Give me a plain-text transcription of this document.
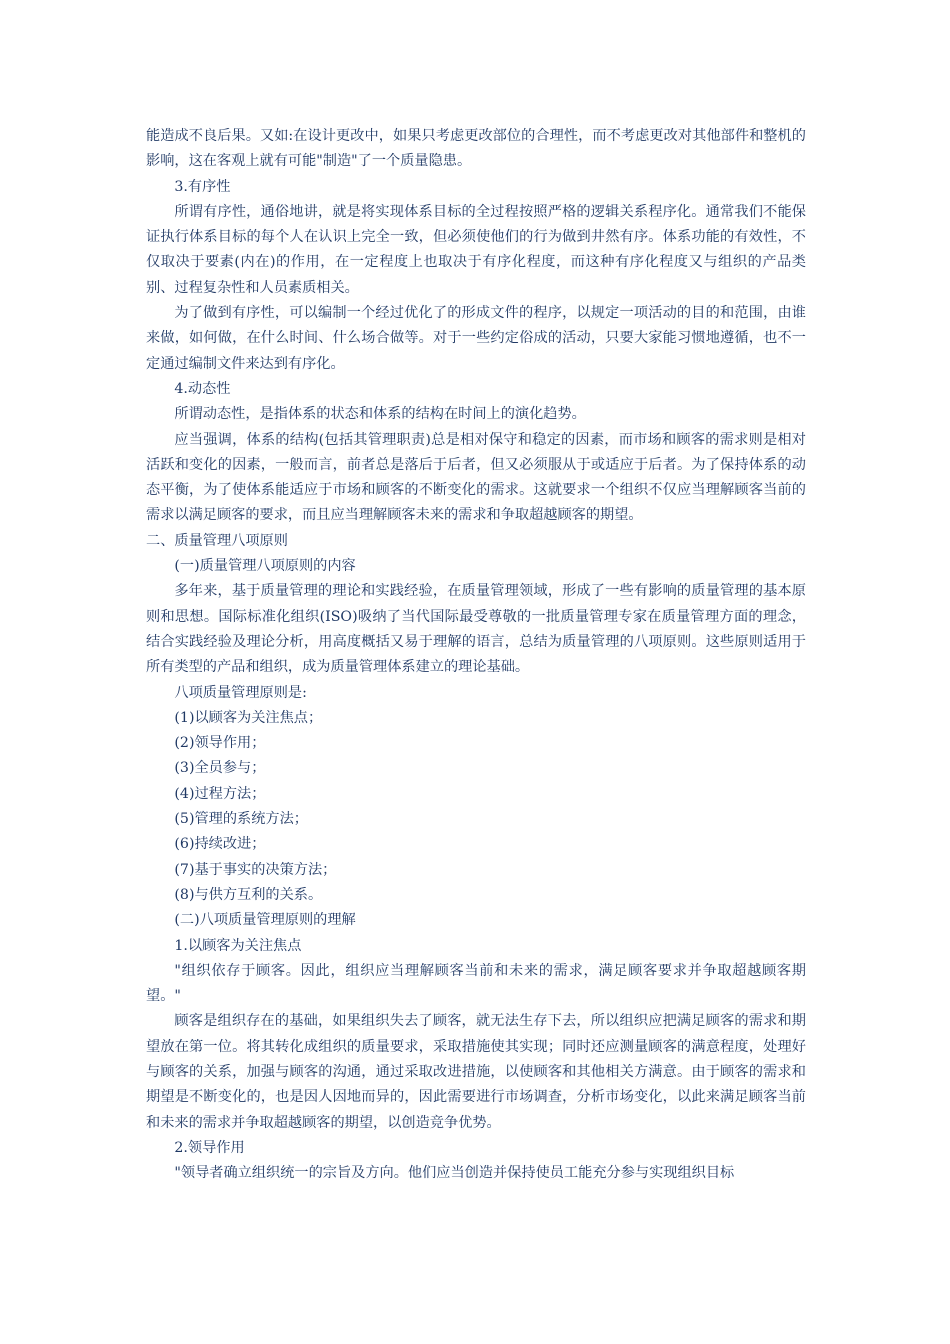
能造成不良后果。又如:在设计更改中，如果只考虑更改部位的合理性，而不考虑更改对其他部件和整机的影响，这在客观上就有可能"制造"了一个质量隐患。

3.有序性

所谓有序性，通俗地讲，就是将实现体系目标的全过程按照严格的逻辑关系程序化。通常我们不能保证执行体系目标的每个人在认识上完全一致，但必须使他们的行为做到井然有序。体系功能的有效性，不仅取决于要素(内在)的作用，在一定程度上也取决于有序化程度，而这种有序化程度又与组织的产品类别、过程复杂性和人员素质相关。

为了做到有序性，可以编制一个经过优化了的形成文件的程序，以规定一项活动的目的和范围，由谁来做，如何做，在什么时间、什么场合做等。对于一些约定俗成的活动，只要大家能习惯地遵循，也不一定通过编制文件来达到有序化。

4.动态性

所谓动态性，是指体系的状态和体系的结构在时间上的演化趋势。

应当强调，体系的结构(包括其管理职责)总是相对保守和稳定的因素，而市场和顾客的需求则是相对活跃和变化的因素，一般而言，前者总是落后于后者，但又必须服从于或适应于后者。为了保持体系的动态平衡，为了使体系能适应于市场和顾客的不断变化的需求。这就要求一个组织不仅应当理解顾客当前的需求以满足顾客的要求，而且应当理解顾客未来的需求和争取超越顾客的期望。

二、质量管理八项原则

(一)质量管理八项原则的内容

多年来，基于质量管理的理论和实践经验，在质量管理领域，形成了一些有影响的质量管理的基本原则和思想。国际标准化组织(ISO)吸纳了当代国际最受尊敬的一批质量管理专家在质量管理方面的理念，结合实践经验及理论分析，用高度概括又易于理解的语言，总结为质量管理的八项原则。这些原则适用于所有类型的产品和组织，成为质量管理体系建立的理论基础。

八项质量管理原则是:

(1)以顾客为关注焦点；

(2)领导作用；

(3)全员参与；

(4)过程方法；

(5)管理的系统方法；

(6)持续改进；

(7)基于事实的决策方法；

(8)与供方互利的关系。

(二)八项质量管理原则的理解

1.以顾客为关注焦点

"组织依存于顾客。因此，组织应当理解顾客当前和未来的需求，满足顾客要求并争取超越顾客期望。"

顾客是组织存在的基础，如果组织失去了顾客，就无法生存下去，所以组织应把满足顾客的需求和期望放在第一位。将其转化成组织的质量要求，采取措施使其实现；同时还应测量顾客的满意程度，处理好与顾客的关系，加强与顾客的沟通，通过采取改进措施，以使顾客和其他相关方满意。由于顾客的需求和期望是不断变化的，也是因人因地而异的，因此需要进行市场调查，分析市场变化，以此来满足顾客当前和未来的需求并争取超越顾客的期望，以创造竞争优势。

2.领导作用

"领导者确立组织统一的宗旨及方向。他们应当创造并保持使员工能充分参与实现组织目标
